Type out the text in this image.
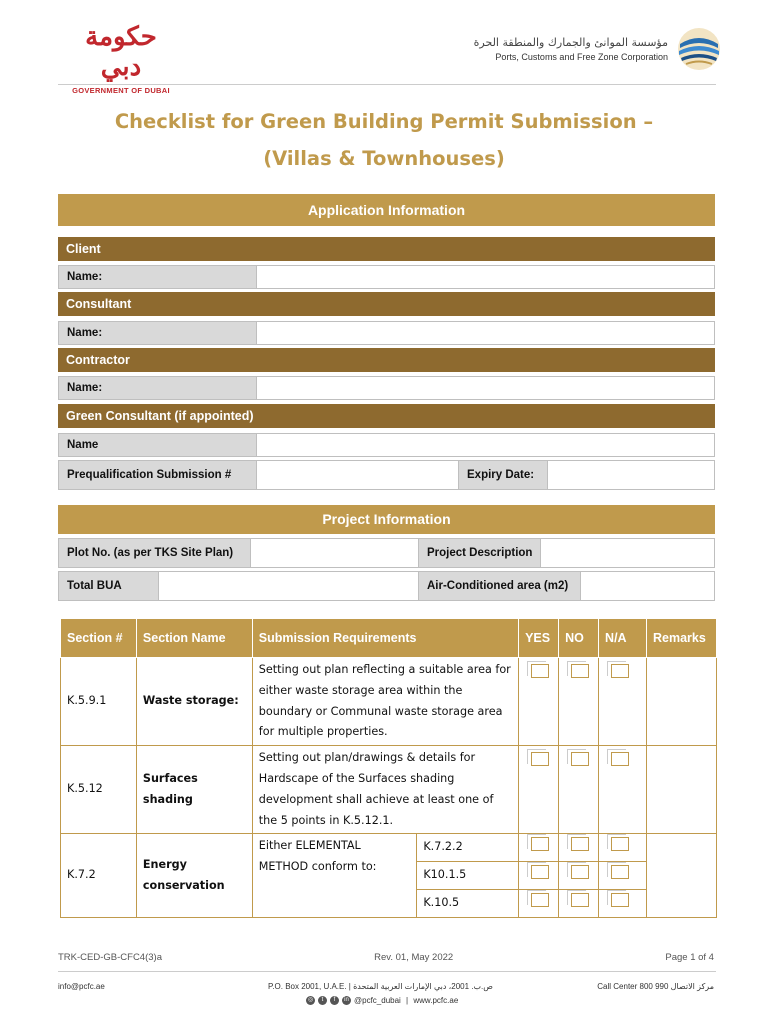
حكومة دبي
GOVERNMENT OF DUBAI
مؤسسة الموانئ والجمارك والمنطقة الحرة
Ports, Customs and Free Zone Corporation
Checklist for Green Building Permit Submission –
(Villas & Townhouses)
Application Information
Client
Name:
Consultant
Name:
Contractor
Name:
Green Consultant (if appointed)
Name
Prequalification Submission #	Expiry Date:
Project Information
Plot No. (as per TKS Site Plan)	Project Description
Total BUA	Air-Conditioned area (m2)
Section #	Section Name	Submission Requirements		YES	NO	N/A	Remarks
K.5.9.1	Waste storage:	Setting out plan reflecting a suitable area for either waste storage area within the boundary or Communal waste storage area for multiple properties.					
K.5.12	Surfaces shading	Setting out plan/drawings & details for Hardscape of the Surfaces shading development shall achieve at least one of the 5 points in K.5.12.1.					
K.7.2	Energy conservation	Either ELEMENTAL METHOD conform to:	K.7.2.2				
			K10.1.5				
			K.10.5				
TRK-CED-GB-CFC4(3)a	Rev. 01, May 2022	Page 1 of 4
info@pcfc.ae	P.O. Box 2001, U.A.E. | ص.ب. 2001، دبي الإمارات العربية المتحدة	Call Center 800 990 مركز الاتصال
◎	t	f	in @pcfc_dubai | www.pcfc.ae
